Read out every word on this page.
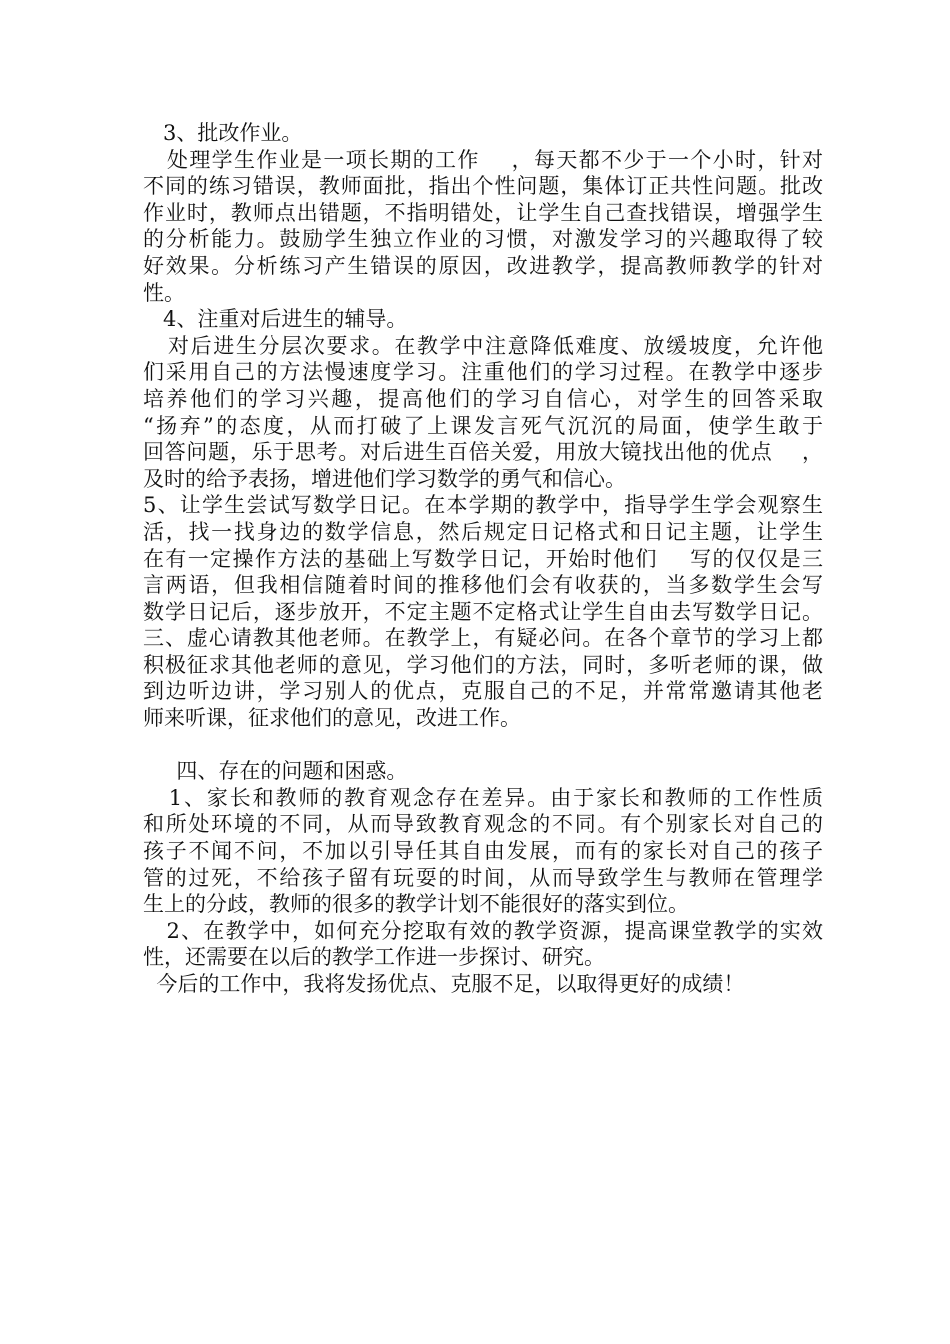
3、批改作业。
处理学生作业是一项长期的工作    ，每天都不少于一个小时，针对
不同的练习错误，教师面批，指出个性问题，集体订正共性问题。批改
作业时，教师点出错题，不指明错处，让学生自己查找错误，增强学生
的分析能力。鼓励学生独立作业的习惯，对激发学习的兴趣取得了较
好效果。分析练习产生错误的原因，改进教学，提高教师教学的针对
性。
4、注重对后进生的辅导。
对后进生分层次要求。在教学中注意降低难度、放缓坡度，允许他
们采用自己的方法慢速度学习。注重他们的学习过程。在教学中逐步
培养他们的学习兴趣，提高他们的学习自信心，对学生的回答采取
“扬弃”的态度，从而打破了上课发言死气沉沉的局面，使学生敢于
回答问题，乐于思考。对后进生百倍关爱，用放大镜找出他的优点    ，
及时的给予表扬，增进他们学习数学的勇气和信心。
5、让学生尝试写数学日记。在本学期的教学中，指导学生学会观察生
活，找一找身边的数学信息，然后规定日记格式和日记主题，让学生
在有一定操作方法的基础上写数学日记，开始时他们    写的仅仅是三
言两语，但我相信随着时间的推移他们会有收获的，当多数学生会写
数学日记后，逐步放开，不定主题不定格式让学生自由去写数学日记。
三、虚心请教其他老师。在教学上，有疑必问。在各个章节的学习上都
积极征求其他老师的意见，学习他们的方法，同时，多听老师的课，做
到边听边讲，学习别人的优点，克服自己的不足，并常常邀请其他老
师来听课，征求他们的意见，改进工作。
四、存在的问题和困惑。
1、家长和教师的教育观念存在差异。由于家长和教师的工作性质
和所处环境的不同，从而导致教育观念的不同。有个别家长对自己的
孩子不闻不问，不加以引导任其自由发展，而有的家长对自己的孩子
管的过死，不给孩子留有玩耍的时间，从而导致学生与教师在管理学
生上的分歧，教师的很多的教学计划不能很好的落实到位。
2、在教学中，如何充分挖取有效的教学资源，提高课堂教学的实效
性，还需要在以后的教学工作进一步探讨、研究。
今后的工作中，我将发扬优点、克服不足，以取得更好的成绩！
